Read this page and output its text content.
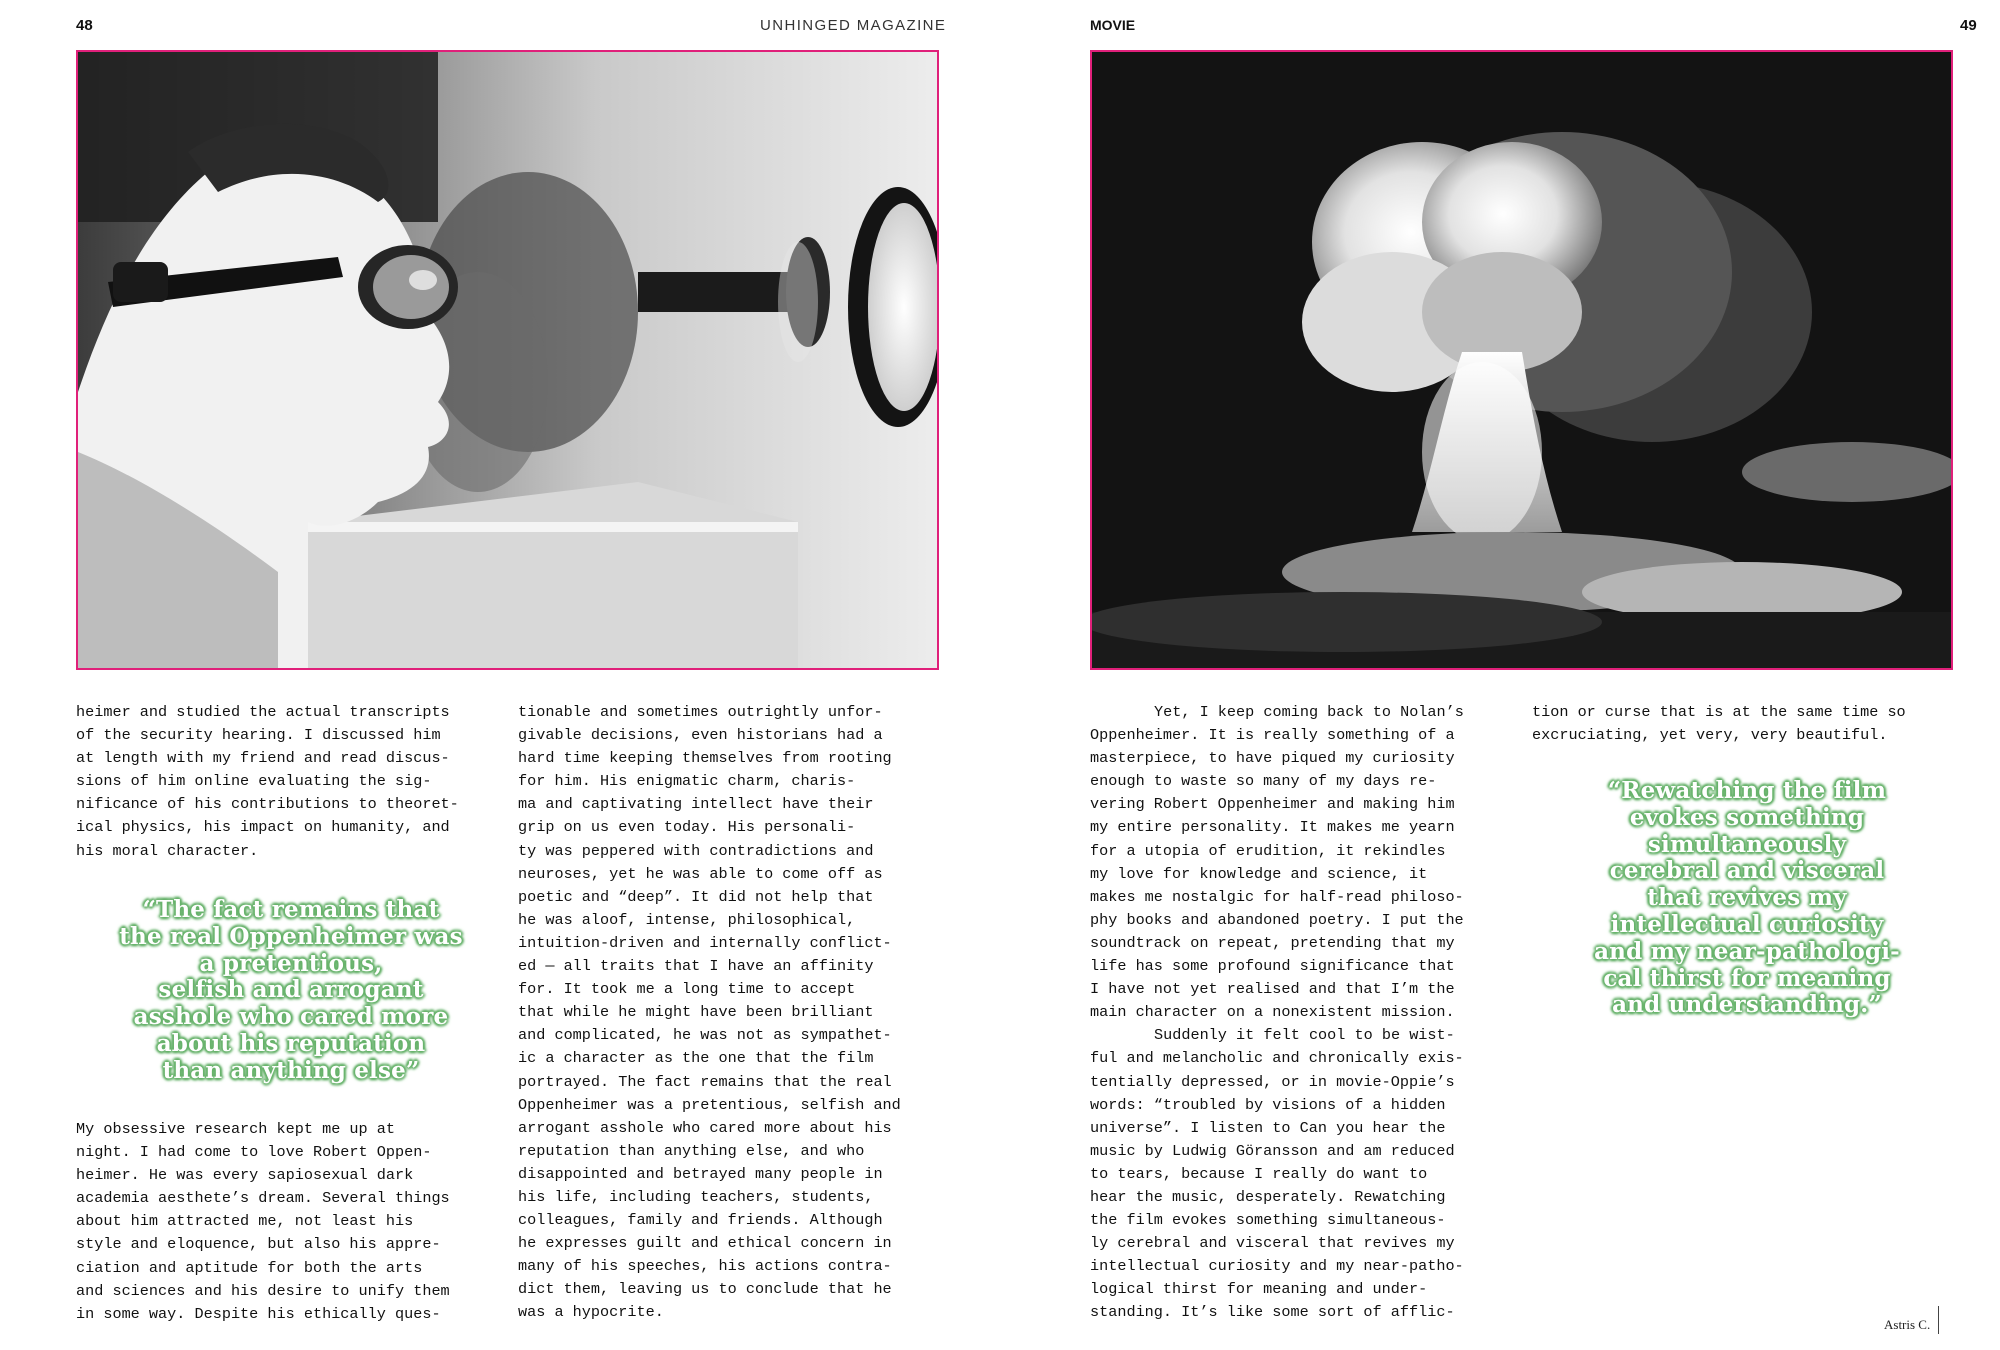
48	UNHINGED MAGAZINE

heimer and studied the actual transcripts

of the security hearing. I discussed him

at length with my friend and read discus-

sions of him online evaluating the sig-

nificance of his contributions to theoret-

ical physics, his impact on humanity, and

his moral character.

“The fact remains that
the real Oppenheimer was
a pretentious,
selfish and arrogant
asshole who cared more
about his reputation
than anything else”

My obsessive research kept me up at

night. I had come to love Robert Oppen-

heimer. He was every sapiosexual dark

academia aesthete’s dream. Several things

about him attracted me, not least his

style and eloquence, but also his appre-

ciation and aptitude for both the arts

and sciences and his desire to unify them

in some way. Despite his ethically ques-

tionable and sometimes outrightly unfor-

givable decisions, even historians had a

hard time keeping themselves from rooting

for him. His enigmatic charm, charis-

ma and captivating intellect have their

grip on us even today. His personali-

ty was peppered with contradictions and

neuroses, yet he was able to come off as

poetic and “deep”. It did not help that

he was aloof, intense, philosophical,

intuition-driven and internally conflict-

ed — all traits that I have an affinity

for. It took me a long time to accept

that while he might have been brilliant

and complicated, he was not as sympathet-

ic a character as the one that the film

portrayed. The fact remains that the real

Oppenheimer was a pretentious, selfish and

arrogant asshole who cared more about his

reputation than anything else, and who

disappointed and betrayed many people in

his life, including teachers, students,

colleagues, family and friends. Although

he expresses guilt and ethical concern in

many of his speeches, his actions contra-

dict them, leaving us to conclude that he

was a hypocrite.

MOVIE	49

Yet, I keep coming back to Nolan’s

Oppenheimer. It is really something of a

masterpiece, to have piqued my curiosity

enough to waste so many of my days re-

vering Robert Oppenheimer and making him

my entire personality. It makes me yearn

for a utopia of erudition, it rekindles

my love for knowledge and science, it

makes me nostalgic for half-read philoso-

phy books and abandoned poetry. I put the

soundtrack on repeat, pretending that my

life has some profound significance that

I have not yet realised and that I’m the

main character on a nonexistent mission.

Suddenly it felt cool to be wist-

ful and melancholic and chronically exis-

tentially depressed, or in movie-Oppie’s

words: “troubled by visions of a hidden

universe”. I listen to Can you hear the

music by Ludwig Göransson and am reduced

to tears, because I really do want to

hear the music, desperately. Rewatching

the film evokes something simultaneous-

ly cerebral and visceral that revives my

intellectual curiosity and my near-patho-

logical thirst for meaning and under-

standing. It’s like some sort of afflic-

tion or curse that is at the same time so

excruciating, yet very, very beautiful.

“Rewatching the film
evokes something
simultaneously
cerebral and visceral
that revives my
intellectual curiosity
and my near-pathologi-
cal thirst for meaning
and understanding.”
Astris C.
